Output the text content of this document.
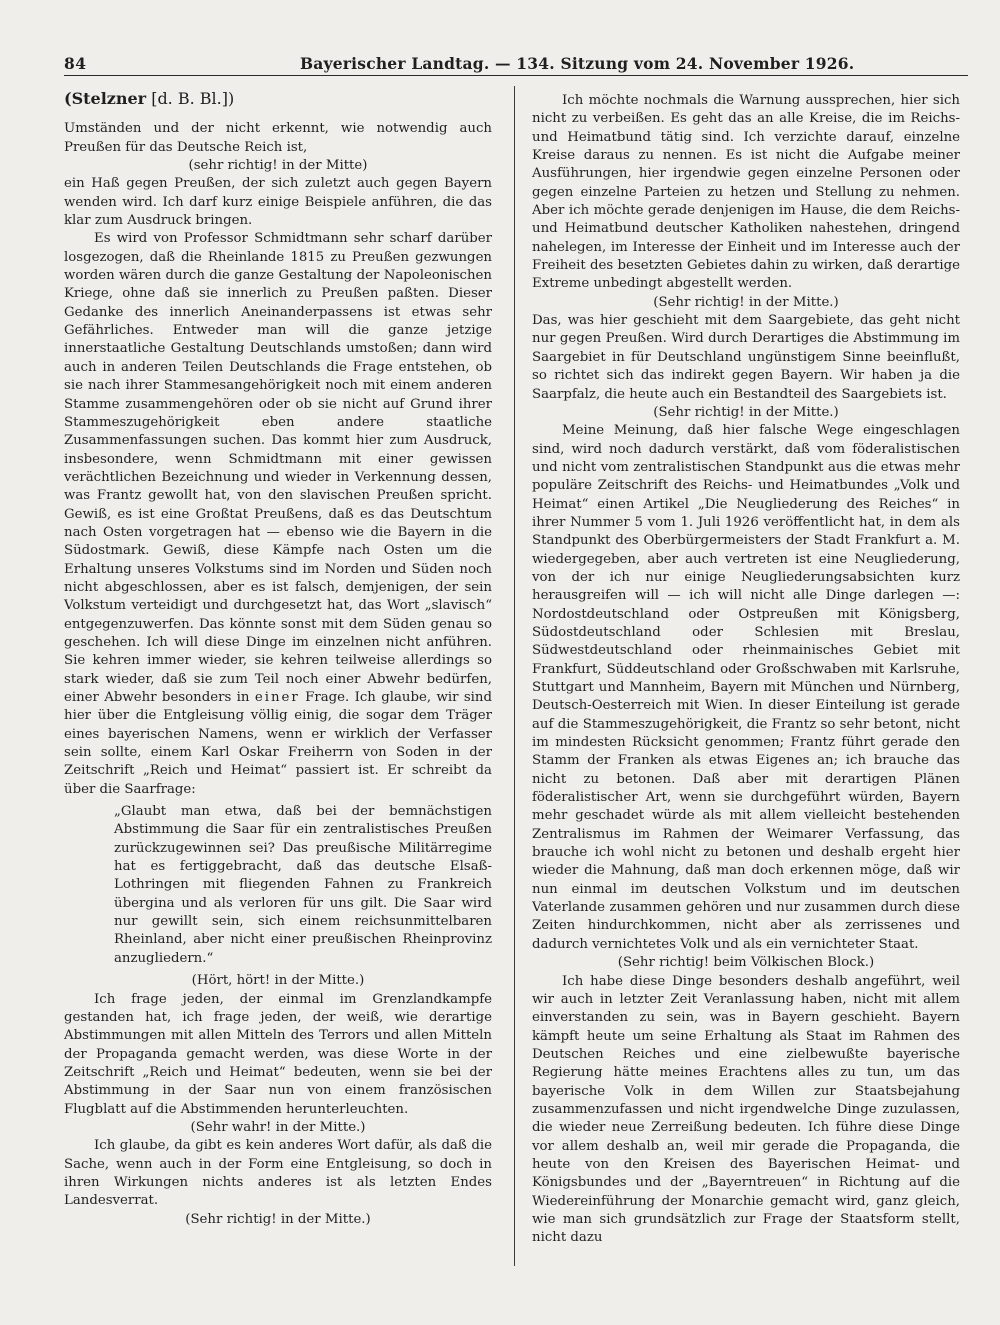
84	Bayerischer Landtag. — 134. Sitzung vom 24. November 1926.

(Stelzner [d. B. Bl.])

Umständen und der nicht erkennt, wie notwendig auch Preußen für das Deutsche Reich ist,

(sehr richtig! in der Mitte)

ein Haß gegen Preußen, der sich zuletzt auch gegen Bayern wenden wird. Ich darf kurz einige Beispiele anführen, die das klar zum Ausdruck bringen.

Es wird von Professor Schmidtmann sehr scharf darüber losgezogen, daß die Rheinlande 1815 zu Preußen gezwungen worden wären durch die ganze Gestaltung der Napoleonischen Kriege, ohne daß sie innerlich zu Preußen paßten. Dieser Gedanke des innerlich Aneinanderpassens ist etwas sehr Gefährliches. Entweder man will die ganze jetzige innerstaatliche Gestaltung Deutschlands umstoßen; dann wird auch in anderen Teilen Deutschlands die Frage entstehen, ob sie nach ihrer Stammesangehörigkeit noch mit einem anderen Stamme zusammengehören oder ob sie nicht auf Grund ihrer Stammeszugehörigkeit eben andere staatliche Zusammenfassungen suchen. Das kommt hier zum Ausdruck, insbesondere, wenn Schmidtmann mit einer gewissen verächtlichen Bezeichnung und wieder in Verkennung dessen, was Frantz gewollt hat, von den slavischen Preußen spricht. Gewiß, es ist eine Großtat Preußens, daß es das Deutschtum nach Osten vorgetragen hat — ebenso wie die Bayern in die Südostmark. Gewiß, diese Kämpfe nach Osten um die Erhaltung unseres Volkstums sind im Norden und Süden noch nicht abgeschlossen, aber es ist falsch, demjenigen, der sein Volkstum verteidigt und durchgesetzt hat, das Wort „slavisch“ entgegenzuwerfen. Das könnte sonst mit dem Süden genau so geschehen. Ich will diese Dinge im einzelnen nicht anführen. Sie kehren immer wieder, sie kehren teilweise allerdings so stark wieder, daß sie zum Teil noch einer Abwehr bedürfen, einer Abwehr besonders in einer Frage. Ich glaube, wir sind hier über die Entgleisung völlig einig, die sogar dem Träger eines bayerischen Namens, wenn er wirklich der Verfasser sein sollte, einem Karl Oskar Freiherrn von Soden in der Zeitschrift „Reich und Heimat“ passiert ist. Er schreibt da über die Saarfrage:

„Glaubt man etwa, daß bei der bemnächstigen Abstimmung die Saar für ein zentralistisches Preußen zurückzugewinnen sei? Das preußische Militärregime hat es fertiggebracht, daß das deutsche Elsaß-Lothringen mit fliegenden Fahnen zu Frankreich übergina und als verloren für uns gilt. Die Saar wird nur gewillt sein, sich einem reichsunmittelbaren Rheinland, aber nicht einer preußischen Rheinprovinz anzugliedern.“

(Hört, hört! in der Mitte.)

Ich frage jeden, der einmal im Grenzlandkampfe gestanden hat, ich frage jeden, der weiß, wie derartige Abstimmungen mit allen Mitteln des Terrors und allen Mitteln der Propaganda gemacht werden, was diese Worte in der Zeitschrift „Reich und Heimat“ bedeuten, wenn sie bei der Abstimmung in der Saar nun von einem französischen Flugblatt auf die Abstimmenden herunterleuchten.

(Sehr wahr! in der Mitte.)

Ich glaube, da gibt es kein anderes Wort dafür, als daß die Sache, wenn auch in der Form eine Entgleisung, so doch in ihren Wirkungen nichts anderes ist als letzten Endes Landesverrat.

(Sehr richtig! in der Mitte.)

Ich möchte nochmals die Warnung aussprechen, hier sich nicht zu verbeißen. Es geht das an alle Kreise, die im Reichs- und Heimatbund tätig sind. Ich verzichte darauf, einzelne Kreise daraus zu nennen. Es ist nicht die Aufgabe meiner Ausführungen, hier irgendwie gegen einzelne Personen oder gegen einzelne Parteien zu hetzen und Stellung zu nehmen. Aber ich möchte gerade denjenigen im Hause, die dem Reichs- und Heimatbund deutscher Katholiken nahestehen, dringend nahelegen, im Interesse der Einheit und im Interesse auch der Freiheit des besetzten Gebietes dahin zu wirken, daß derartige Extreme unbedingt abgestellt werden.

(Sehr richtig! in der Mitte.)

Das, was hier geschieht mit dem Saargebiete, das geht nicht nur gegen Preußen. Wird durch Derartiges die Abstimmung im Saargebiet in für Deutschland ungünstigem Sinne beeinflußt, so richtet sich das indirekt gegen Bayern. Wir haben ja die Saarpfalz, die heute auch ein Bestandteil des Saargebiets ist.

(Sehr richtig! in der Mitte.)

Meine Meinung, daß hier falsche Wege eingeschlagen sind, wird noch dadurch verstärkt, daß vom föderalistischen und nicht vom zentralistischen Standpunkt aus die etwas mehr populäre Zeitschrift des Reichs- und Heimatbundes „Volk und Heimat“ einen Artikel „Die Neugliederung des Reiches“ in ihrer Nummer 5 vom 1. Juli 1926 veröffentlicht hat, in dem als Standpunkt des Oberbürgermeisters der Stadt Frankfurt a. M. wiedergegeben, aber auch vertreten ist eine Neugliederung, von der ich nur einige Neugliederungsabsichten kurz herausgreifen will — ich will nicht alle Dinge darlegen —: Nordostdeutschland oder Ostpreußen mit Königsberg, Südostdeutschland oder Schlesien mit Breslau, Südwestdeutschland oder rheinmainisches Gebiet mit Frankfurt, Süddeutschland oder Großschwaben mit Karlsruhe, Stuttgart und Mannheim, Bayern mit München und Nürnberg, Deutsch-Oesterreich mit Wien. In dieser Einteilung ist gerade auf die Stammeszugehörigkeit, die Frantz so sehr betont, nicht im mindesten Rücksicht genommen; Frantz führt gerade den Stamm der Franken als etwas Eigenes an; ich brauche das nicht zu betonen. Daß aber mit derartigen Plänen föderalistischer Art, wenn sie durchgeführt würden, Bayern mehr geschadet würde als mit allem vielleicht bestehenden Zentralismus im Rahmen der Weimarer Verfassung, das brauche ich wohl nicht zu betonen und deshalb ergeht hier wieder die Mahnung, daß man doch erkennen möge, daß wir nun einmal im deutschen Volkstum und im deutschen Vaterlande zusammen gehören und nur zusammen durch diese Zeiten hindurchkommen, nicht aber als zerrissenes und dadurch vernichtetes Volk und als ein vernichteter Staat.

(Sehr richtig! beim Völkischen Block.)

Ich habe diese Dinge besonders deshalb angeführt, weil wir auch in letzter Zeit Veranlassung haben, nicht mit allem einverstanden zu sein, was in Bayern geschieht. Bayern kämpft heute um seine Erhaltung als Staat im Rahmen des Deutschen Reiches und eine zielbewußte bayerische Regierung hätte meines Erachtens alles zu tun, um das bayerische Volk in dem Willen zur Staatsbejahung zusammenzufassen und nicht irgendwelche Dinge zuzulassen, die wieder neue Zerreißung bedeuten. Ich führe diese Dinge vor allem deshalb an, weil mir gerade die Propaganda, die heute von den Kreisen des Bayerischen Heimat- und Königsbundes und der „Bayerntreuen“ in Richtung auf die Wiedereinführung der Monarchie gemacht wird, ganz gleich, wie man sich grundsätzlich zur Frage der Staatsform stellt, nicht dazu
